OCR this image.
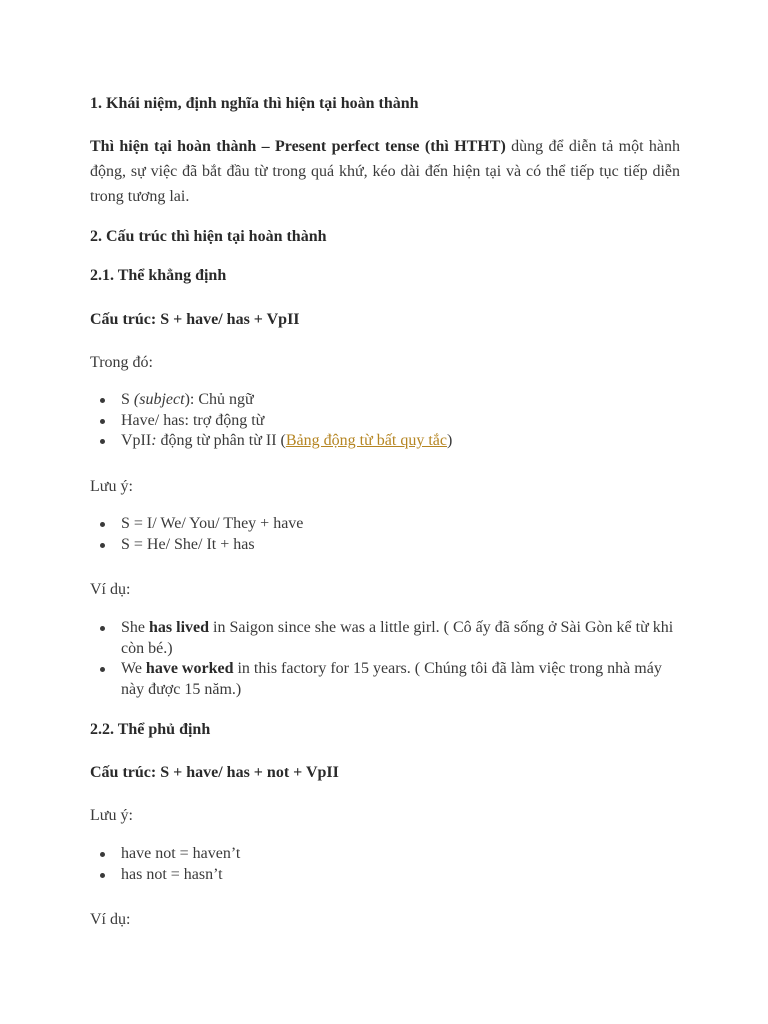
1. Khái niệm, định nghĩa thì hiện tại hoàn thành

Thì hiện tại hoàn thành – Present perfect tense (thì HTHT) dùng để diễn tả một hành động, sự việc đã bắt đầu từ trong quá khứ, kéo dài đến hiện tại và có thể tiếp tục tiếp diễn trong tương lai.

2. Cấu trúc thì hiện tại hoàn thành

2.1. Thể khẳng định

Cấu trúc: S + have/ has + VpII

Trong đó:

S (subject): Chủ ngữ
Have/ has: trợ động từ
VpII: động từ phân từ II (Bảng động từ bất quy tắc)

Lưu ý:

S = I/ We/ You/ They + have
S = He/ She/ It + has

Ví dụ:

She has lived in Saigon since she was a little girl. ( Cô ấy đã sống ở Sài Gòn kể từ khi còn bé.)
We have worked in this factory for 15 years. ( Chúng tôi đã làm việc trong nhà máy này được 15 năm.)

2.2. Thể phủ định

Cấu trúc: S + have/ has + not + VpII

Lưu ý:

have not = haven’t
has not = hasn’t

Ví dụ:
